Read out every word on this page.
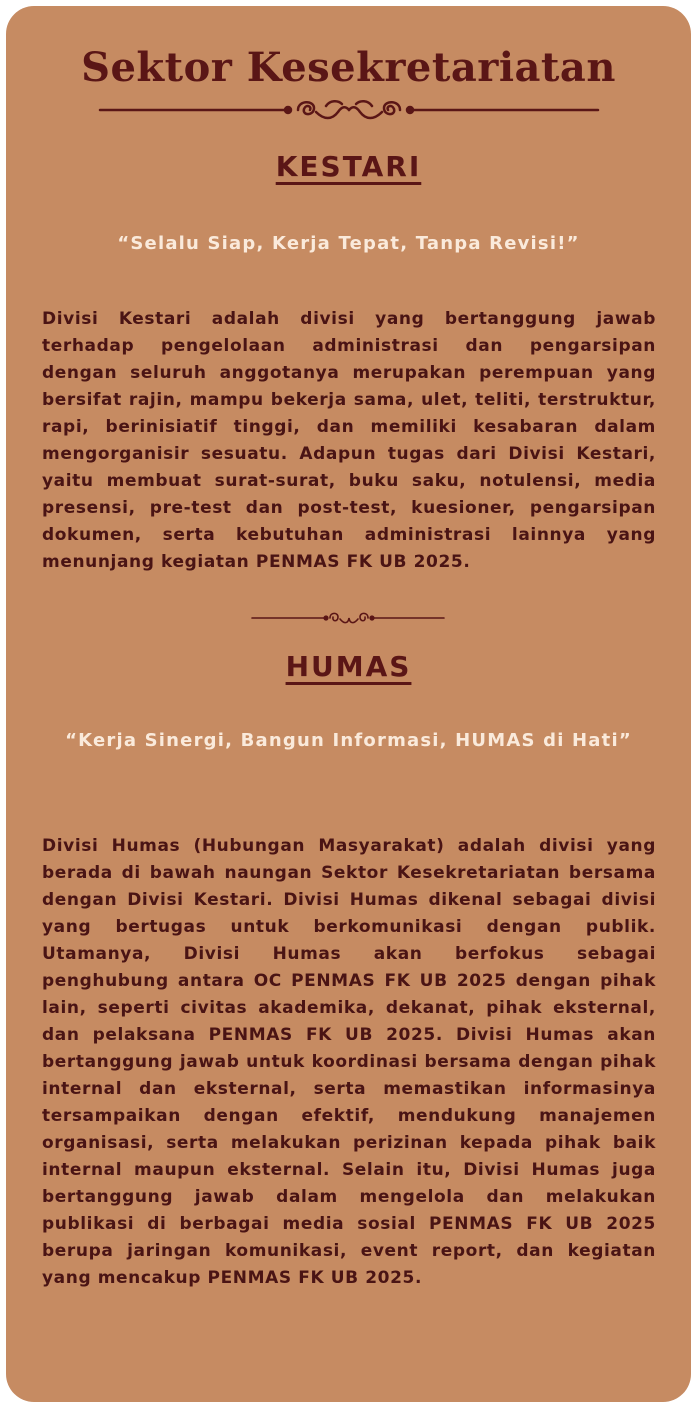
Sektor Kesekretariatan
KESTARI

“Selalu Siap, Kerja Tepat, Tanpa Revisi!”

Divisi Kestari adalah divisi yang bertanggung jawab terhadap pengelolaan administrasi dan pengarsipan dengan seluruh anggotanya merupakan perempuan yang bersifat rajin, mampu bekerja sama, ulet, teliti, terstruktur, rapi, berinisiatif tinggi, dan memiliki kesabaran dalam mengorganisir sesuatu. Adapun tugas dari Divisi Kestari, yaitu membuat surat-surat, buku saku, notulensi, media presensi, pre-test dan post-test, kuesioner, pengarsipan dokumen, serta kebutuhan administrasi lainnya yang menunjang kegiatan PENMAS FK UB 2025.

HUMAS

“Kerja Sinergi, Bangun Informasi, HUMAS di Hati”

Divisi Humas (Hubungan Masyarakat) adalah divisi yang berada di bawah naungan Sektor Kesekretariatan bersama dengan Divisi Kestari. Divisi Humas dikenal sebagai divisi yang bertugas untuk berkomunikasi dengan publik. Utamanya, Divisi Humas akan berfokus sebagai penghubung antara OC PENMAS FK UB 2025 dengan pihak lain, seperti civitas akademika, dekanat, pihak eksternal, dan pelaksana PENMAS FK UB 2025. Divisi Humas akan bertanggung jawab untuk koordinasi bersama dengan pihak internal dan eksternal, serta memastikan informasinya tersampaikan dengan efektif, mendukung manajemen organisasi, serta melakukan perizinan kepada pihak baik internal maupun eksternal. Selain itu, Divisi Humas juga bertanggung jawab dalam mengelola dan melakukan publikasi di berbagai media sosial PENMAS FK UB 2025 berupa jaringan komunikasi, event report, dan kegiatan yang mencakup PENMAS FK UB 2025.
